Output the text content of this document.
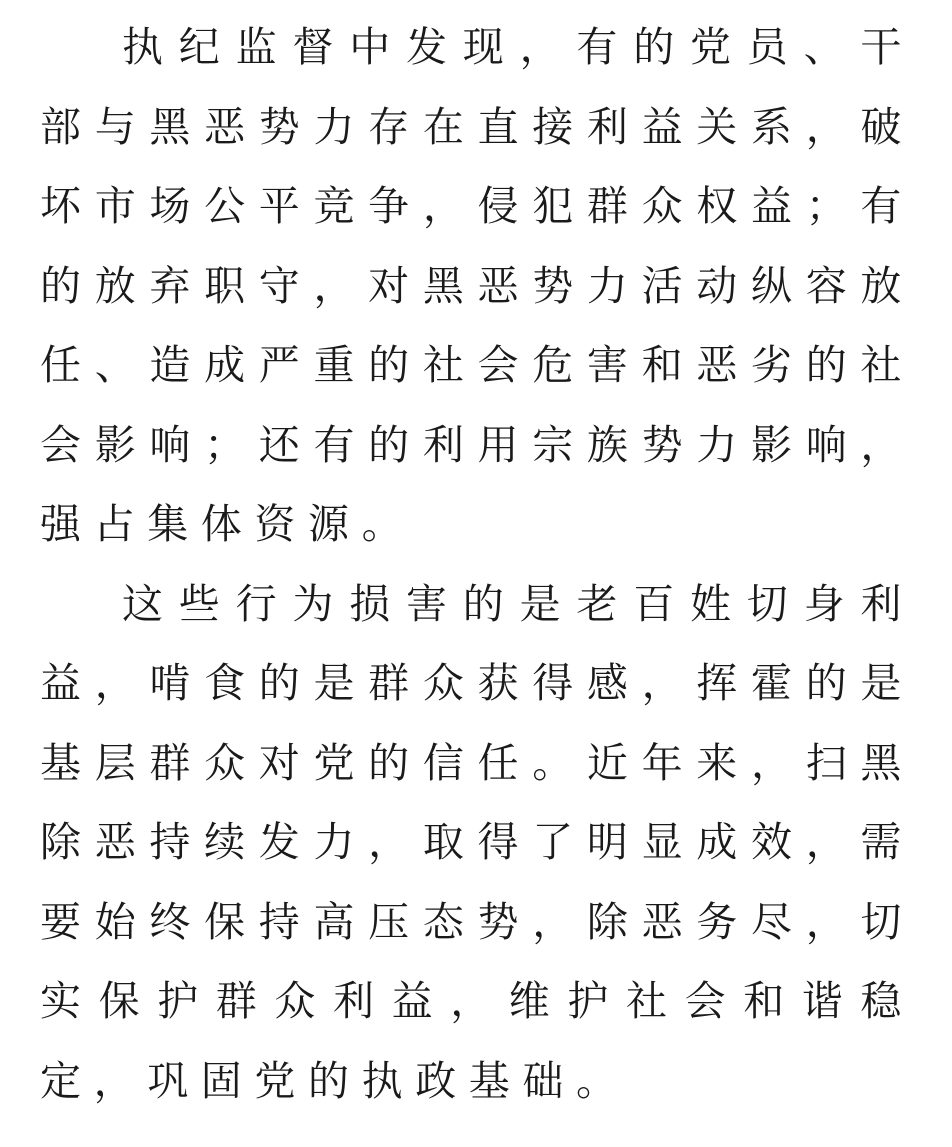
执纪监督中发现，有的党员、干部与黑恶势力存在直接利益关系，破坏市场公平竞争，侵犯群众权益；有的放弃职守，对黑恶势力活动纵容放任、造成严重的社会危害和恶劣的社会影响；还有的利用宗族势力影响，强占集体资源。

这些行为损害的是老百姓切身利益，啃食的是群众获得感，挥霍的是基层群众对党的信任。近年来，扫黑除恶持续发力，取得了明显成效，需要始终保持高压态势，除恶务尽，切实保护群众利益，维护社会和谐稳定，巩固党的执政基础。
